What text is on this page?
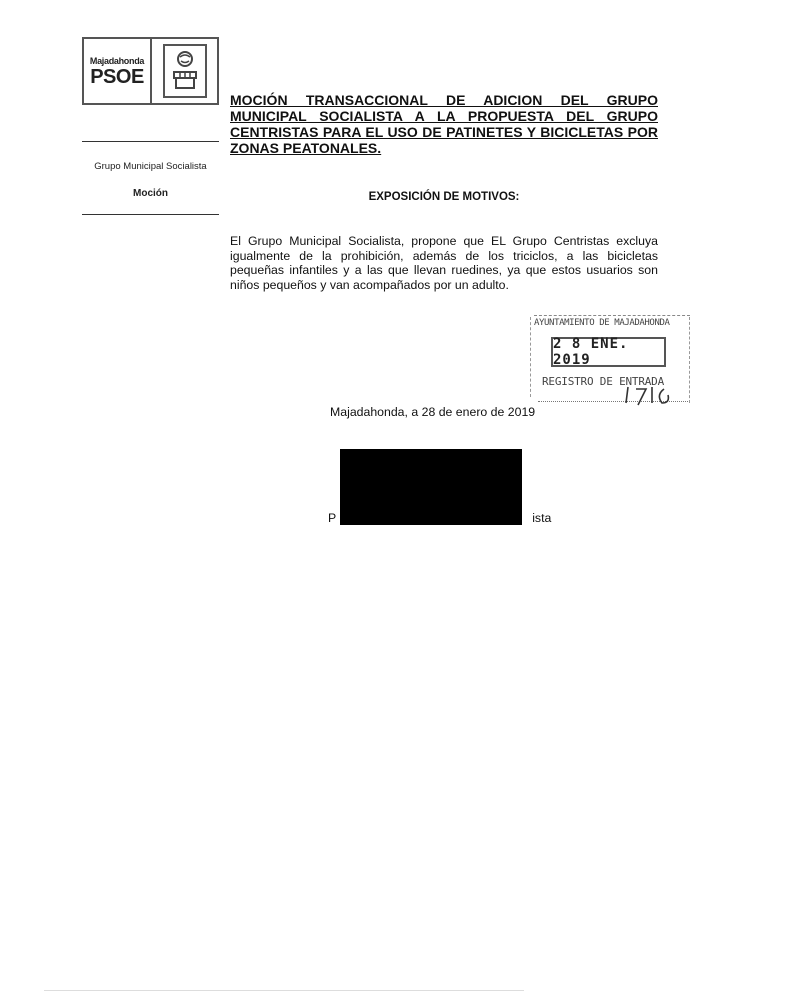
Majadahonda
PSOE
Grupo Municipal Socialista
Moción
MOCIÓN TRANSACCIONAL DE ADICION DEL GRUPO MUNICIPAL SOCIALISTA A LA PROPUESTA DEL GRUPO CENTRISTAS PARA EL USO DE PATINETES Y BICICLETAS POR ZONAS PEATONALES.
EXPOSICIÓN DE MOTIVOS:
El Grupo Municipal Socialista, propone que EL Grupo Centristas excluya igualmente de la prohibición, además de los triciclos, a las bicicletas pequeñas infantiles y a las que llevan ruedines, ya que estos usuarios son niños pequeños y van acompañados por un adulto.
AYUNTAMIENTO DE MAJADAHONDA
2 8 ENE. 2019
REGISTRO DE ENTRADA
Majadahonda, a 28 de enero de 2019
P	ista
